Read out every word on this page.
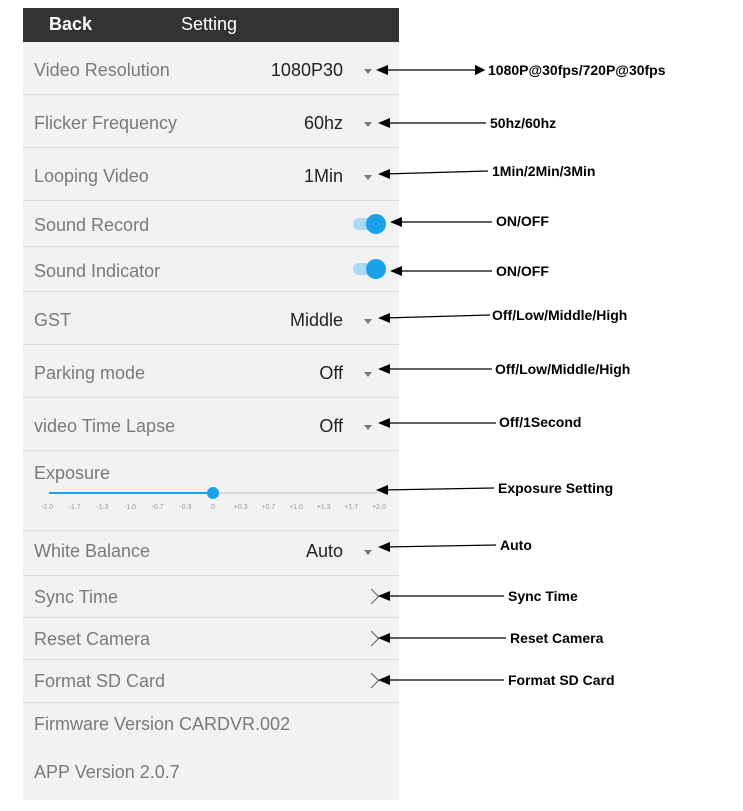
Back	Setting
Video Resolution	1080P30
Flicker Frequency	60hz
Looping Video	1Min
Sound Record
Sound Indicator
GST	Middle
Parking mode	Off
video Time Lapse	Off
Exposure
-2.0 -1.7 -1.3 -1.0 -0.7 -0.3	0	+0.3 +0.7 +1.0 +1.3 +1.7 +2.0
White Balance	Auto
Sync Time
Reset Camera
Format SD Card
Firmware Version CARDVR.002
APP Version 2.0.7
1080P@30fps/720P@30fps
50hz/60hz
1Min/2Min/3Min
ON/OFF
ON/OFF
Off/Low/Middle/High
Off/Low/Middle/High
Off/1Second
Exposure Setting
Auto
Sync Time
Reset Camera
Format SD Card
